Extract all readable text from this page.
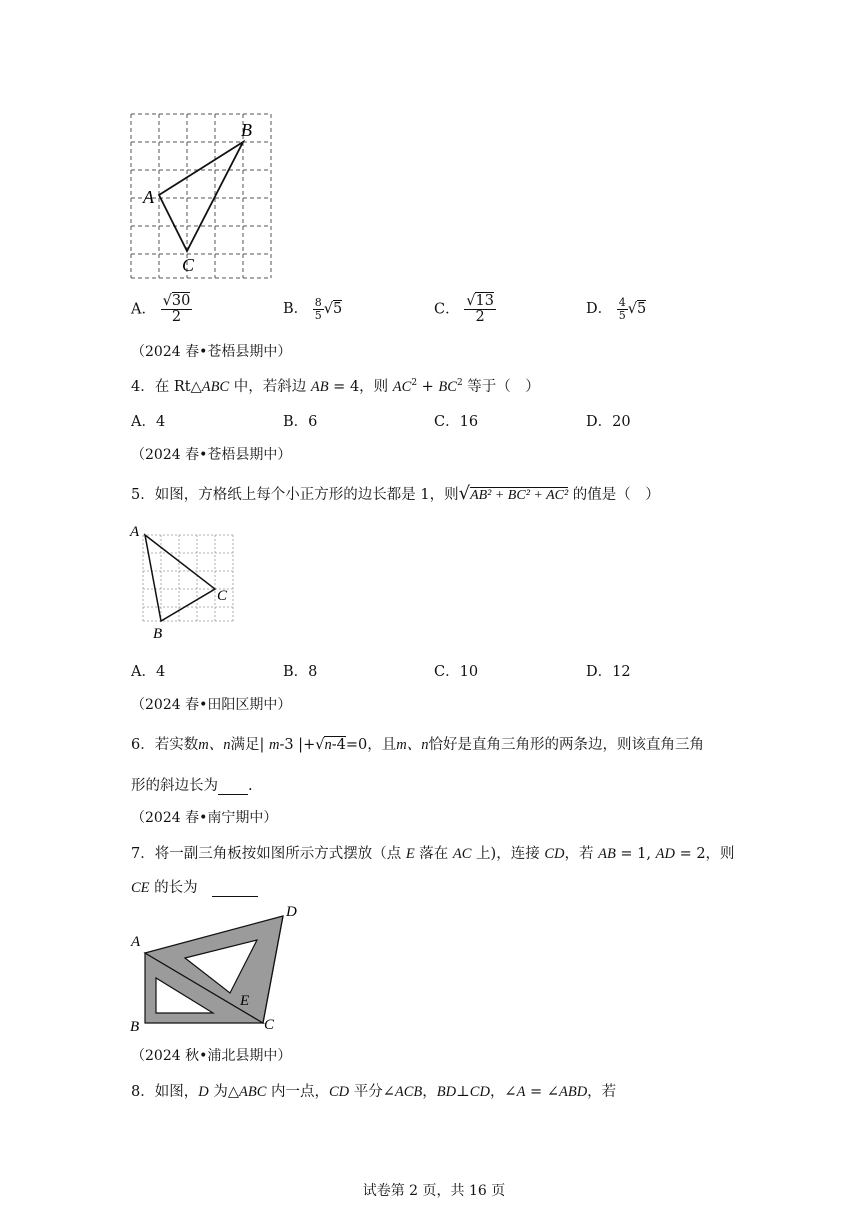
A
B
C
A． $\frac{√30}{2}$	B． $\frac{8}{5} √5$	C． $\frac{√13}{2}$	D． $\frac{4}{5} √5$
（2024 春•苍梧县期中）
4．在 Rt△ABC 中，若斜边 AB = 4，则 $AC^2 + BC^2$ 等于（　）
A．4	B．6	C．16	D．20
（2024 春•苍梧县期中）
5．如图，方格纸上每个小正方形的边长都是 1，则√AB² + BC² + AC² 的值是（　）
A
B
C
A．4	B．8	C．10	D．12
（2024 春•田阳区期中）
6．若实数m、n满足| m-3 |+√n-4=0，且m、n恰好是直角三角形的两条边，则该直角三角
形的斜边长为 .
（2024 春•南宁期中）
7．将一副三角板按如图所示方式摆放（点 E 落在 AC 上)，连接 CD，若 AB = 1, AD = 2，则
CE 的长为
A
B	C
D
E
（2024 秋•浦北县期中）
8．如图，D 为△ABC 内一点，CD 平分∠ACB，BD⊥CD，∠A = ∠ABD，若
试卷第 2 页，共 16 页
